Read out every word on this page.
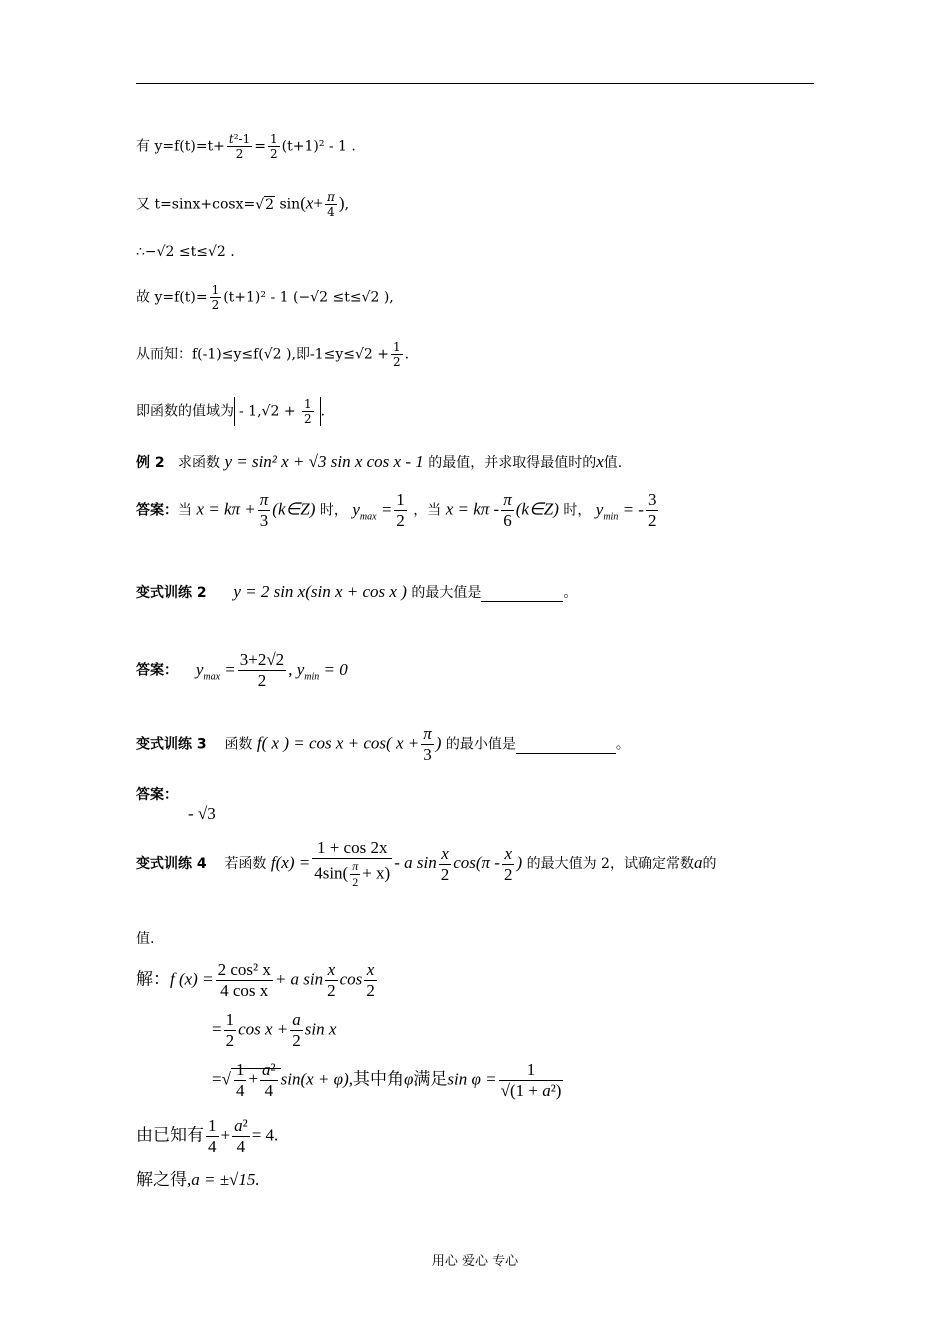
有 $y=f(t)=t+ \frac{\text{t²-1}}{2} = \frac{1}{2} (t+1)^2 - 1$ .
又 t=sinx+cosx=√2 $\sin(x+ \frac{\pi}{4}$ ),
∴−√2 ≤t≤√2 .
故 $y=f(t)= \frac{1}{2} (t+1)^2 - 1$ (−√2 ≤t≤√2 ),
从而知：f(-1)≤y≤f(√2 ),即$-1\le y\le√2 + \frac{1}{2}$ .
即函数的值域为 - $1,√2 + \frac{1}{2}$ .
例 2 求函数 y = sin² x + √3 sin x cos x - 1 的最值，并求取得最值时的x值.
答案：当 $x = k\pi + \frac{\pi}{3}$ (k∈Z) 时， $y_{max} = \frac{1}{2}$ ，当 $x = k\pi - \frac{\pi}{6}$ (k∈Z) 时， $y_{min}$ = - $\frac{3}{2}$
变式训练 2 y = 2 sin x(sin x + cos x ) 的最大值是	。
答案： $y_{max} = \frac{3+2√2}{2}$ , $y_{min} = 0$
变式训练 3 函数 f( x ) = cos x + cos( $x + \frac{\pi}{3}$ ) 的最小值是	。
答案：
- √3
变式训练 4 若函数 $f(x) = \frac{1 + \cos 2x}{4\sin( \frac{\pi}{2} + x)} - a$ $\sin \frac{x}{2} \cos(\pi - \frac{x}{2}$ ) 的最大值为 2，试确定常数a的
值.
解：f $(x) = \frac{\text{2 cos² x}}{\text{4 cos x}} + a$ $\sin \frac{x}{2}$ $\cos \frac{x}{2}$
= $\frac{1}{2}$ $\cos x + \frac{a}{2}$ sin x
=√ $\frac{1}{4} + \frac{\text{a²}}{4} \sin(x + \varphi)$,其中角φ满足$\sin \varphi = \frac{1}{\text{√(1 + a²)}}$
由已知有 $\frac{1}{4} + \frac{\text{a²}}{4} = 4$.
解之得,a = ±√15.
用心 爱心 专心
